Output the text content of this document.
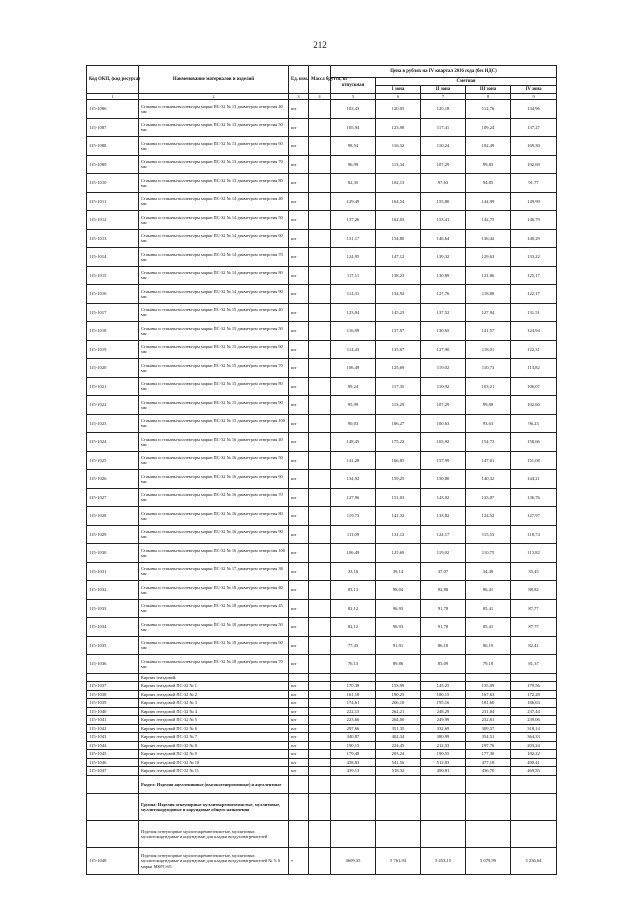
212
Код ОКП, (код ресурса)	Наименование материалов и изделий	Ед. изм.	Масса брутто, кг	Цена в рублях на IV квартал 2016 года (без НДС)				
				отпускная	Сметная			
					I зона	II зона	III зона	IV зона
1	2	3	4	5	6	7	8	9
115-1086	Стаканы и стаканы-коллекторы марки ПС-32 № 13 диаметром отверстия 40 мм	шт		103,43	120,05	120,18	112,76	134,96
115-1087	Стаканы и стаканы-коллекторы марки ПС-32 № 13 диаметром отверстия 50 мм	шт		105,94	123,98	117,41	109,24	137,27
115-1088	Стаканы и стаканы-коллекторы марки ПС-32 № 13 диаметром отверстия 60 мм	шт		98,54	116,32	110,24	102,49	169,30
115-1089	Стаканы и стаканы-коллекторы марки ПС-32 № 13 диаметром отверстия 70 мм	шт		96,99	113,34	107,29	99,83	192,69
115-1010	Стаканы и стаканы-коллекторы марки ПС-32 № 13 диаметром отверстия 80 мм	шт		82,35	102,13	97,63	94,85	91,77
115-1011	Стаканы и стаканы-коллекторы марки ПС-32 № 14 диаметром отверстия 40 мм	шт		129,49	164,54	155,80	144,99	149,99
115-1012	Стаканы и стаканы-коллекторы марки ПС-32 № 14 диаметром отверстия 50 мм	шт		137,26	162,03	153,41	142,75	146,79
115-1013	Стаканы и стаканы-коллекторы марки ПС-32 № 14 диаметром отверстия 60 мм	шт		131,17	154,80	146,64	136,42	140,29
115-1014	Стаканы и стаканы-коллекторы марки ПС-32 № 14 диаметром отверстия 70 мм	шт		124,95	147,12	139,32	129,63	133,22
115-1015	Стаканы и стаканы-коллекторы марки ПС-32 № 14 диаметром отверстия 80 мм	шт		117,11	138,23	130,89	121,86	125,17
115-1016	Стаканы и стаканы-коллекторы марки ПС-32 № 14 диаметром отверстия 90 мм	шт		114,31	134,92	127,76	118,80	122,17
115-1017	Стаканы и стаканы-коллекторы марки ПС-32 № 15 диаметром отверстия 40 мм	шт		123,04	145,23	137,52	127,94	131,51
115-1018	Стаканы и стаканы-коллекторы марки ПС-32 № 15 диаметром отверстия 50 мм	шт		116,99	137,97	130,65	121,57	124,94
115-1019	Стаканы и стаканы-коллекторы марки ПС-32 № 15 диаметром отверстия 60 мм	шт		114,43	135,07	127,90	118,01	122,31
115-1020	Стаканы и стаканы-коллекторы марки ПС-32 № 15 диаметром отверстия 70 мм	шт		106,49	125,69	119,02	110,73	113,82
115-1021	Стаканы и стаканы-коллекторы марки ПС-32 № 15 диаметром отверстия 80 мм	шт		99,24	117,35	110,92	103,21	106,07
115-1022	Стаканы и стаканы-коллекторы марки ПС-32 № 15 диаметром отверстия 90 мм	шт		95,99	113,29	107,29	99,80	102,60
115-1023	Стаканы и стаканы-коллекторы марки ПС-32 № 15 диаметром отверстия 100 мм	шт		90,03	106,27	100,63	93,63	96,23
115-1024	Стаканы и стаканы-коллекторы марки ПС-32 № 16 диаметром отверстия 40 мм	шт		148,45	175,22	165,92	154,73	158,66
115-1025	Стаканы и стаканы-коллекторы марки ПС-32 № 16 диаметром отверстия 50 мм	шт		141,28	166,85	157,99	147,01	151,08
115-1026	Стаканы и стаканы-коллекторы марки ПС-32 № 16 диаметром отверстия 60 мм	шт		134,92	159,25	150,80	140,32	144,21
115-1027	Стаканы и стаканы-коллекторы марки ПС-32 № 16 диаметром отверстия 70 мм	шт		127,96	151,03	143,02	133,07	136,76
115-1028	Стаканы и стаканы-коллекторы марки ПС-32 № 16 диаметром отверстия 80 мм	шт		119,73	141,32	133,82	124,52	127,97
115-1029	Стаканы и стаканы-коллекторы марки ПС-32 № 16 диаметром отверстия 90 мм	шт		111,09	131,12	124,17	115,53	118,74
115-1030	Стаканы и стаканы-коллекторы марки ПС-32 № 16 диаметром отверстия 100 мм	шт		106,49	125,69	119,02	110,75	113,82
115-1031	Стаканы и стаканы-коллекторы марки ПС-32 № 17 диаметром отверстия 38 мм	шт		33,16	39,14	37,07	34,49	35,45
115-1032	Стаканы и стаканы-коллекторы марки ПС-32 № 18 диаметром отверстия 40 мм	шт		83,13	98,04	92,88	86,41	88,82
115-1033	Стаканы и стаканы-коллекторы марки ПС-32 № 18 диаметром отверстия 45 мм	шт		82,12	96,93	91,78	85,41	87,77
115-1034	Стаканы и стаканы-коллекторы марки ПС-32 № 18 диаметром отверстия 50 мм	шт		82,12	96,93	91,78	85,41	87,77
115-1035	Стаканы и стаканы-коллекторы марки ПС-32 № 18 диаметром отверстия 60 мм	шт		77,43	91,91	86,18	80,19	82,41
115-1036	Стаканы и стаканы-коллекторы марки ПС-32 № 18 диаметром отверстия 70 мм	шт		76,13	89,86	85,09	79,18	81,37
	Кирпич гнездовой:							
115-1037	Кирпич гнездовой ПС-32 № 1	шт		170,38	153,99	145,25	135,09	179,56
115-1038	Кирпич гнездовой ПС-32 № 2	шт		161,18	190,25	180,15	167,63	172,28
115-1039	Кирпич гнездовой ПС-32 № 3	шт		174,61	206,10	195,16	181,60	186,63
115-1040	Кирпич гнездовой ПС-32 № 4	шт		222,15	262,21	248,29	231,04	237,44
115-1041	Кирпич гнездовой ПС-32 № 5	шт		223,66	264,00	249,99	232,61	239,06
115-1042	Кирпич гнездовой ПС-32 № 6	шт		297,66	351,35	332,69	309,57	318,14
115-1043	Кирпич гнездовой ПС-32 № 7	шт		340,87	402,34	380,99	354,51	364,33
115-1044	Кирпич гнездовой ПС-32 № 8	шт		190,15	224,45	212,53	197,76	203,24
115-1045	Кирпич гнездовой ПС-32 № 9	шт		179,48	203,24	190,55	177,30	182,22
115-1046	Кирпич гнездовой ПС-32 № 10	шт		458,83	541,56	512,83	477,18	490,41
115-1047	Кирпич гнездовой ПС-32 № 11	шт		439,13	518,32	490,81	456,70	469,35
	Раздел: Изделия ацелленинные (высокогенероменные) и ацеллентные							
	Группа: Изделия огнеупорные муллитокремнеземистые, муллитовые, муллитокорундовые и корундовые общего назначения							
	Изделия огнеупорные муллитокремнеземистые, муллитовые, муллитокорундовые и корундовые для кладки воздухонагревателей							
115-1048	Изделия огнеупорные муллитокремнеземистые, муллитовые, муллитокорундовые и корундовые для кладки воздухонагревателей № 5, 6 марки МКРС-65	т		4609,35	5 761,93	5 453,15	5 079,99	5 236,64
